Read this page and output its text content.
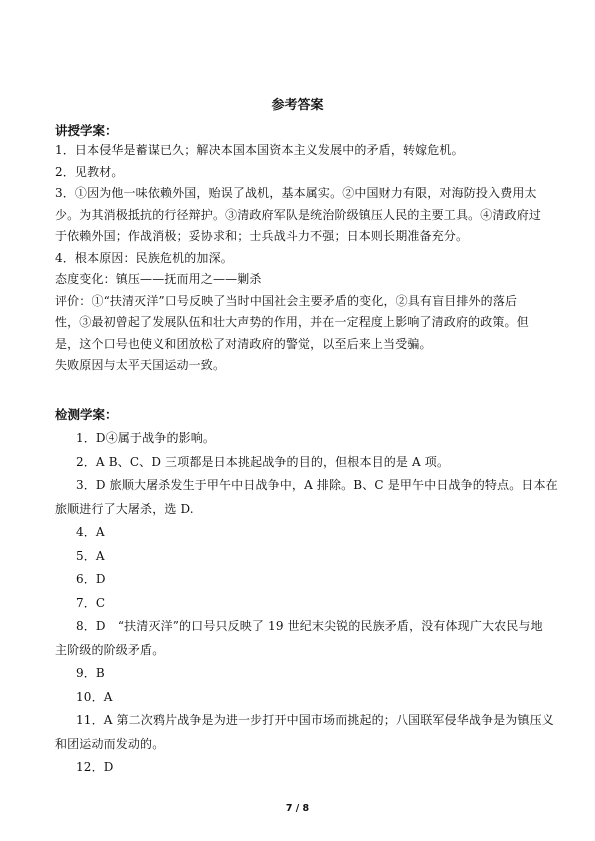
参考答案
讲授学案：
1．日本侵华是蓄谋已久；解决本国本国资本主义发展中的矛盾，转嫁危机。
2．见教材。
3．①因为他一味依赖外国，贻误了战机，基本属实。②中国财力有限，对海防投入费用太
少。为其消极抵抗的行径辩护。③清政府军队是统治阶级镇压人民的主要工具。④清政府过
于依赖外国；作战消极；妥协求和；士兵战斗力不强；日本则长期准备充分。
4．根本原因：民族危机的加深。
态度变化：镇压——抚而用之——剿杀
评价：①“扶清灭洋”口号反映了当时中国社会主要矛盾的变化，②具有盲目排外的落后
性，③最初曾起了发展队伍和壮大声势的作用，并在一定程度上影响了清政府的政策。但
是，这个口号也使义和团放松了对清政府的警觉，以至后来上当受骗。
失败原因与太平天国运动一致。
检测学案：
1．D④属于战争的影响。
2．A B、C、D 三项都是日本挑起战争的目的，但根本目的是 A 项。
3．D 旅顺大屠杀发生于甲午中日战争中，A 排除。B、C 是甲午中日战争的特点。日本在
旅顺进行了大屠杀，选 D.
4．A
5．A
6．D
7．C
8．D　“扶清灭洋”的口号只反映了 19 世纪末尖锐的民族矛盾，没有体现广大农民与地
主阶级的阶级矛盾。
9．B
10．A
11．A 第二次鸦片战争是为进一步打开中国市场而挑起的；八国联军侵华战争是为镇压义
和团运动而发动的。
12．D
7 / 8
